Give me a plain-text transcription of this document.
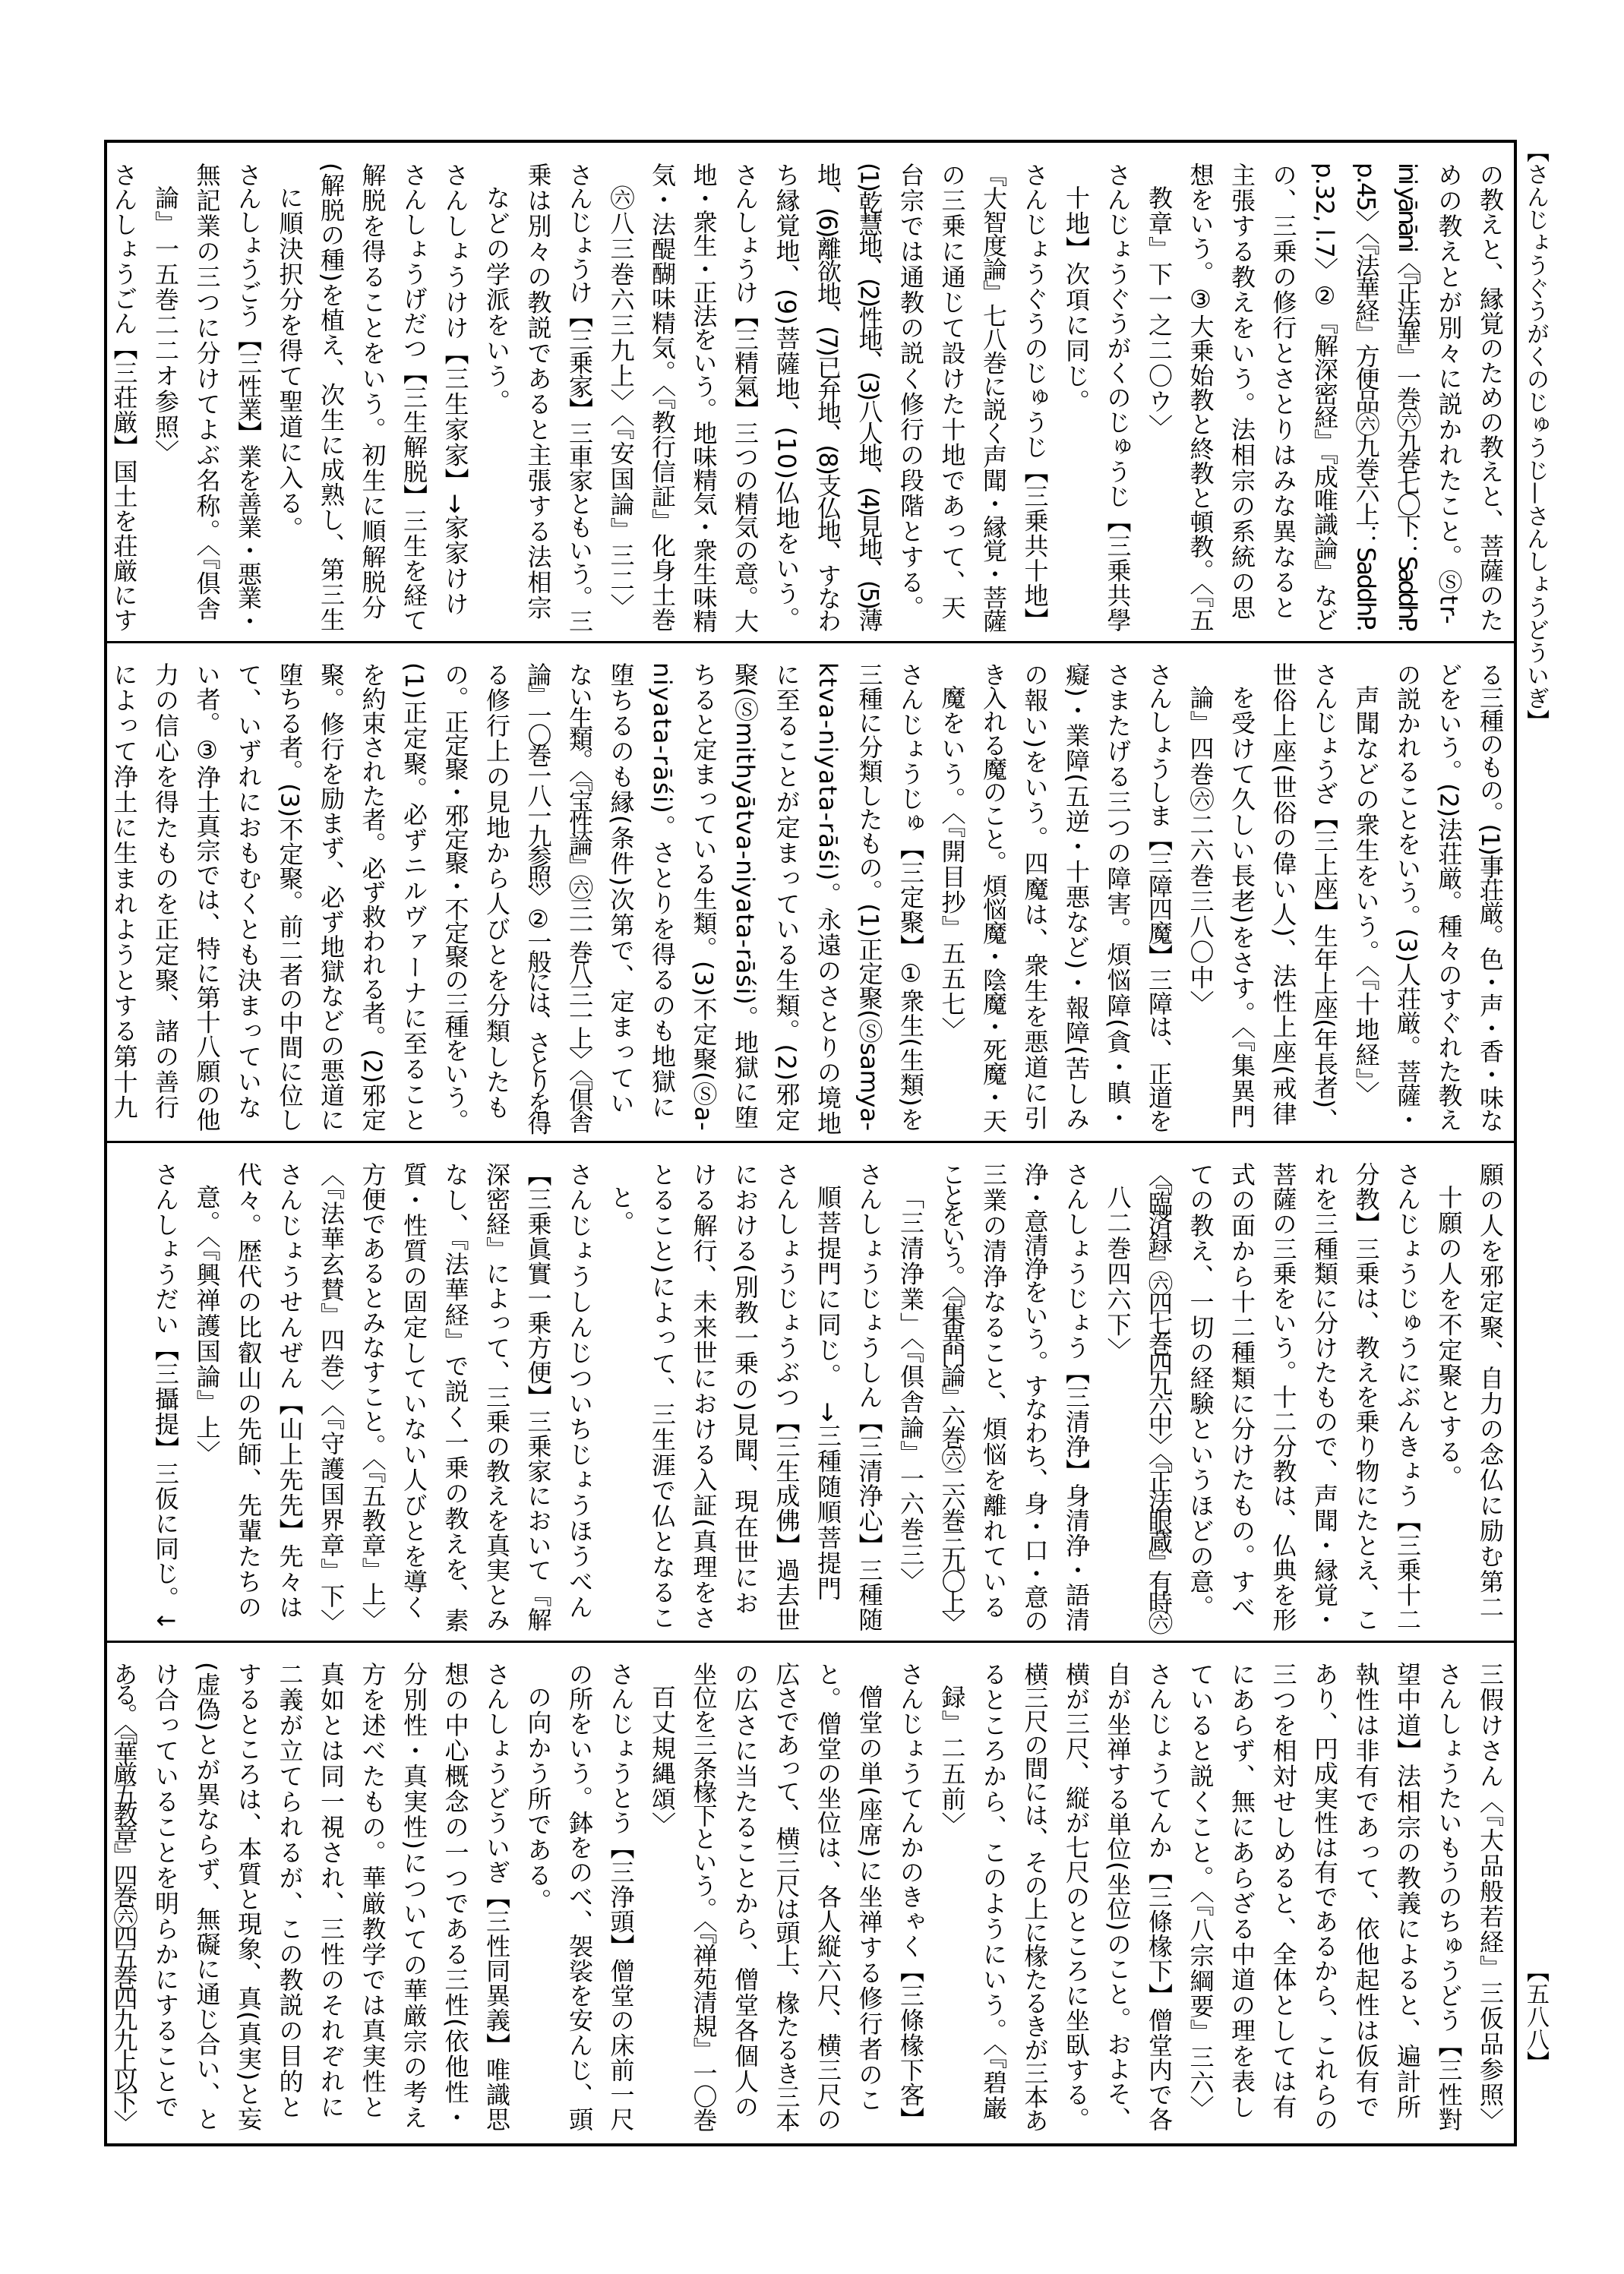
【さんじょうぐうがくのじゅうじ—さんしょうどういぎ】
の教えと、縁覚のための教えと、菩薩のた
めの教えとが別々に説かれたこと。Ⓢtr-
ini yānāni〈『正法華』一巻㊅九巻七〇下：SaddhP.
p.45〉〈『法華経』方便品㊅九巻六上：SaddhP.
p.32, l.7〉②『解深密経』『成唯識論』など
の、三乗の修行とさとりはみな異なると
主張する教えをいう。法相宗の系統の思
想をいう。③大乗始教と終教と頓教。〈『五
教章』下一之二〇ウ〉
さんじょうぐうがくのじゅうじ【三乗共學
十地】次項に同じ。
さんじょうぐうのじゅうじ【三乗共十地】
『大智度論』七八巻に説く声聞・縁覚・菩薩
の三乗に通じて設けた十地であって、天
台宗では通教の説く修行の段階とする。
(1)乾慧地、(2)性地、(3)八人地、(4)見地、(5)薄
地、(6)離欲地、(7)已弁地、(8)支仏地、すなわ
ち縁覚地、(9)菩薩地、(10)仏地をいう。
さんしょうけ【三精氣】三つの精気の意。大
地・衆生・正法をいう。地味精気・衆生味精
気・法醍醐味精気。〈『教行信証』化身土巻
㊅八三巻六三九上〉〈『安国論』三二〉
さんじょうけ【三乗家】三車家ともいう。三
乗は別々の教説であると主張する法相宗
などの学派をいう。
さんしょうけけ【三生家家】→家家けけ
さんしょうげだつ【三生解脱】三生を経て
解脱を得ることをいう。初生に順解脱分
(解脱の種)を植え、次生に成熟し、第三生
に順決択分を得て聖道に入る。
さんしょうごう【三性業】業を善業・悪業・
無記業の三つに分けてよぶ名称。〈『倶舎
論』一五巻二二オ参照〉
さんしょうごん【三荘厳】国土を荘厳にす
る三種のもの。(1)事荘厳。色・声・香・味な
どをいう。(2)法荘厳。種々のすぐれた教え
の説かれることをいう。(3)人荘厳。菩薩・
声聞などの衆生をいう。〈『十地経』〉
さんじょうざ【三上座】生年上座(年長者)、
世俗上座(世俗の偉い人)、法性上座(戒律
を受けて久しい長老)をさす。〈『集異門
論』四巻㊅二六巻三八〇中〉
さんしょうしま【三障四魔】三障は、正道を
さまたげる三つの障害。煩悩障(貪・瞋・
癡)・業障(五逆・十悪など)・報障(苦しみ
の報い)をいう。四魔は、衆生を悪道に引
き入れる魔のこと。煩悩魔・陰魔・死魔・天
魔をいう。〈『開目抄』五五七〉
さんじょうじゅ【三定聚】①衆生(生類)を
三種に分類したもの。(1)正定聚(Ⓢsamya-
ktva-niyata-rāśi)。永遠のさとりの境地
に至ることが定まっている生類。(2)邪定
聚(Ⓢmithyātva-niyata-rāśi)。地獄に堕
ちると定まっている生類。(3)不定聚(Ⓢa-
niyata-rāśi)。さとりを得るのも地獄に
堕ちるのも縁(条件)次第で、定まってい
ない生類。〈『宝性論』㊅三一巻八三一上〉〈『倶舎
論』一〇巻一八一九参照〉②一般には、さとりを得
る修行上の見地から人びとを分類したも
の。正定聚・邪定聚・不定聚の三種をいう。
(1)正定聚。必ずニルヴァーナに至ること
を約束された者。必ず救われる者。(2)邪定
聚。修行を励まず、必ず地獄などの悪道に
堕ちる者。(3)不定聚。前二者の中間に位し
て、いずれにおもむくとも決まっていな
い者。③浄土真宗では、特に第十八願の他
力の信心を得たものを正定聚、諸の善行
によって浄土に生まれようとする第十九
願の人を邪定聚、自力の念仏に励む第二
十願の人を不定聚とする。
さんじょうじゅうにぶんきょう【三乗十二
分教】三乗は、教えを乗り物にたとえ、こ
れを三種類に分けたもので、声聞・縁覚・
菩薩の三乗をいう。十二分教は、仏典を形
式の面から十二種類に分けたもの。すべ
ての教え、一切の経験というほどの意。
〈『臨済録』㊅四七巻四九六中〉〈『正法眼蔵』有時㊅
八二巻四六下〉
さんしょうじょう【三清浄】身清浄・語清
浄・意清浄をいう。すなわち、身・口・意の
三業の清浄なること、煩悩を離れている
ことをいう。〈『集異門論』六巻㊅二六巻三九〇上〉
「三清浄業」〈『倶舎論』一六巻三〉
さんしょうじょうしん【三清浄心】三種随
順菩提門に同じ。　→三種随順菩提門
さんしょうじょうぶつ【三生成佛】過去世
における(別教一乗の)見聞、現在世にお
ける解行、未来世における入証(真理をさ
とること)によって、三生涯で仏となるこ
と。
さんじょうしんじついちじょうほうべん
【三乗眞實一乗方便】三乗家において『解
深密経』によって、三乗の教えを真実とみ
なし、『法華経』で説く一乗の教えを、素
質・性質の固定していない人びとを導く
方便であるとみなすこと。〈『五教章』上〉
〈『法華玄賛』四巻〉〈『守護国界章』下〉
さんじょうせんぜん【山上先先】先々は
代々。歴代の比叡山の先師、先輩たちの
意。〈『興禅護国論』上〉
さんしょうだい【三攝提】三仮に同じ。↓
三假けさん〈『大品般若経』三仮品参照〉
さんしょうたいもうのちゅうどう【三性對
望中道】法相宗の教義によると、遍計所
執性は非有であって、依他起性は仮有で
あり、円成実性は有であるから、これらの
三つを相対せしめると、全体としては有
にあらず、無にあらざる中道の理を表し
ていると説くこと。〈『八宗綱要』三六〉
さんじょうてんか【三條椽下】僧堂内で各
自が坐禅する単位(坐位)のこと。およそ、
横が三尺、縦が七尺のところに坐臥する。
横三尺の間には、その上に椽たるきが三本あ
るところから、このようにいう。〈『碧巌
録』二五前〉
さんじょうてんかのきゃく【三條椽下客】
僧堂の単(座席)に坐禅する修行者のこ
と。僧堂の坐位は、各人縦六尺、横三尺の
広さであって、横三尺は頭上、椽たるき三本
の広さに当たることから、僧堂各個人の
坐位を三条椽下という。〈『禅苑清規』一〇巻
百丈規縄頌〉
さんじょうとう【三浄頭】僧堂の床前一尺
の所をいう。鉢をのべ、袈裟を安んじ、頭
の向かう所である。
さんしょうどういぎ【三性同異義】唯識思
想の中心概念の一つである三性(依他性・
分別性・真実性)についての華厳宗の考え
方を述べたもの。華厳教学では真実性と
真如とは同一視され、三性のそれぞれに
二義が立てられるが、この教説の目的と
するところは、本質と現象、真(真実)と妄
(虚偽)とが異ならず、無礙に通じ合い、と
け合っていることを明らかにすることで
ある。〈『華厳五教章』四巻㊅四五巻四九九上以下〉	【五八八】
